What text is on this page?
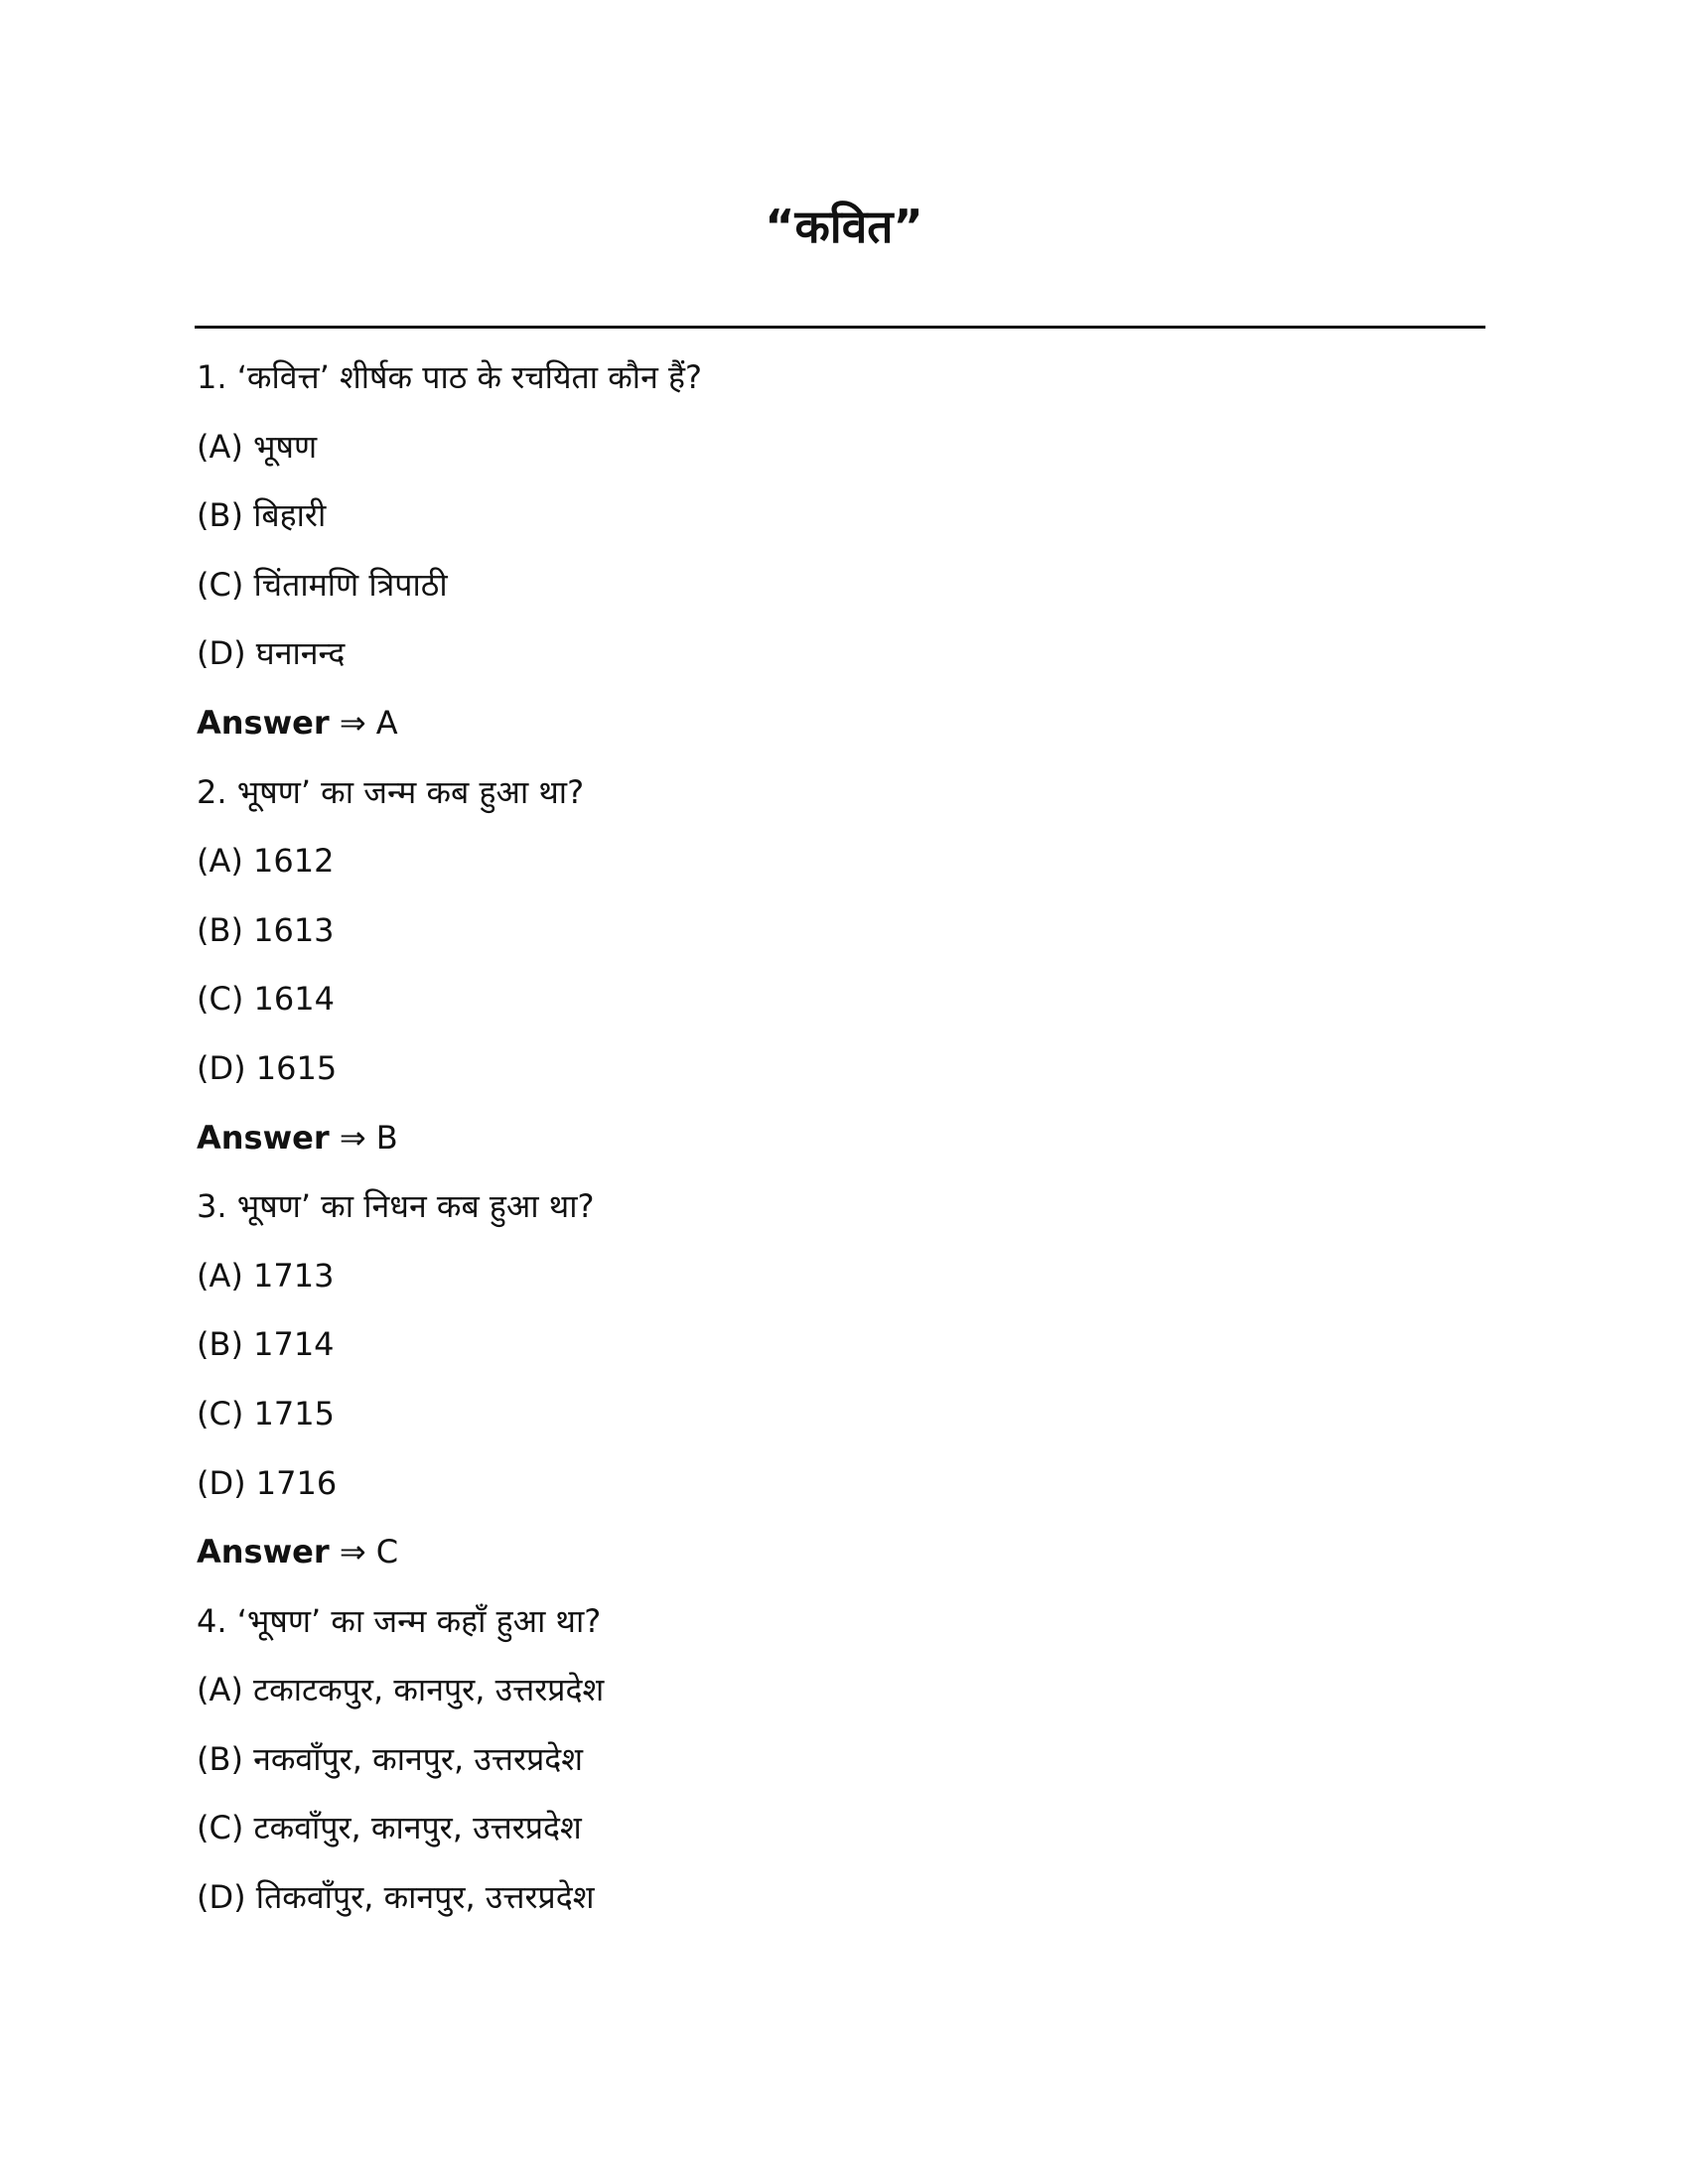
“कवित”
1. ‘कवित्त’ शीर्षक पाठ के रचयिता कौन हैं?
(A) भूषण
(B) बिहारी
(C) चिंतामणि त्रिपाठी
(D) घनानन्द
Answer ⇒ A
2. भूषण’ का जन्म कब हुआ था?
(A) 1612
(B) 1613
(C) 1614
(D) 1615
Answer ⇒ B
3. भूषण’ का निधन कब हुआ था?
(A) 1713
(B) 1714
(C) 1715
(D) 1716
Answer ⇒ C
4. ‘भूषण’ का जन्म कहाँ हुआ था?
(A) टकाटकपुर, कानपुर, उत्तरप्रदेश
(B) नकवाँपुर, कानपुर, उत्तरप्रदेश
(C) टकवाँपुर, कानपुर, उत्तरप्रदेश
(D) तिकवाँपुर, कानपुर, उत्तरप्रदेश
